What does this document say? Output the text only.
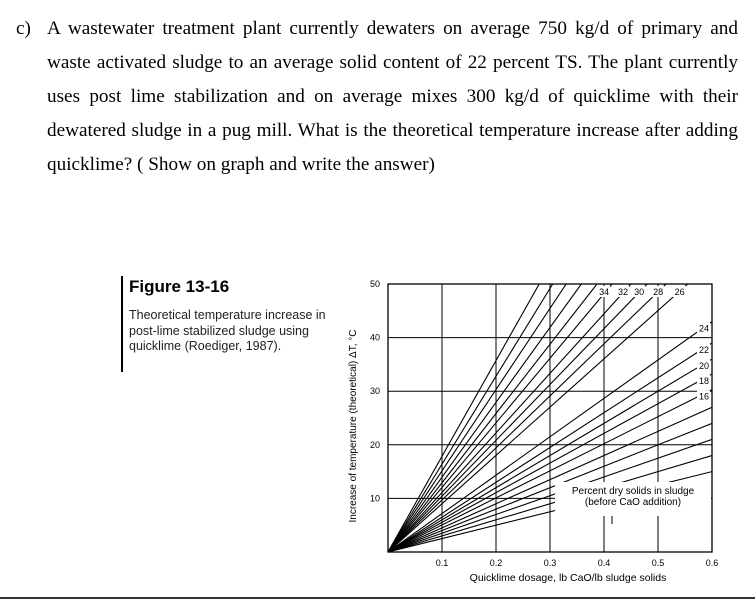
c) A wastewater treatment plant currently dewaters on average 750 kg/d of primary and waste activated sludge to an average solid content of 22 percent TS. The plant currently uses post lime stabilization and on average mixes 300 kg/d of quicklime with their dewatered sludge in a pug mill. What is the theoretical temperature increase after adding quicklime? ( Show on graph and write the answer)
Figure 13-16
Theoretical temperature increase in post-lime stabilized sludge using quicklime (Roediger, 1987).
16
18
20
22
24
26
28
30
32
34
10
20
30
40
50
0.1	0.2	0.3	0.4	0.5	0.6
Quicklime dosage, lb CaO/lb sludge solids
Increase of temperature (theoretical) ΔT, °C	Percent dry solids in sludge
(before CaO addition)
